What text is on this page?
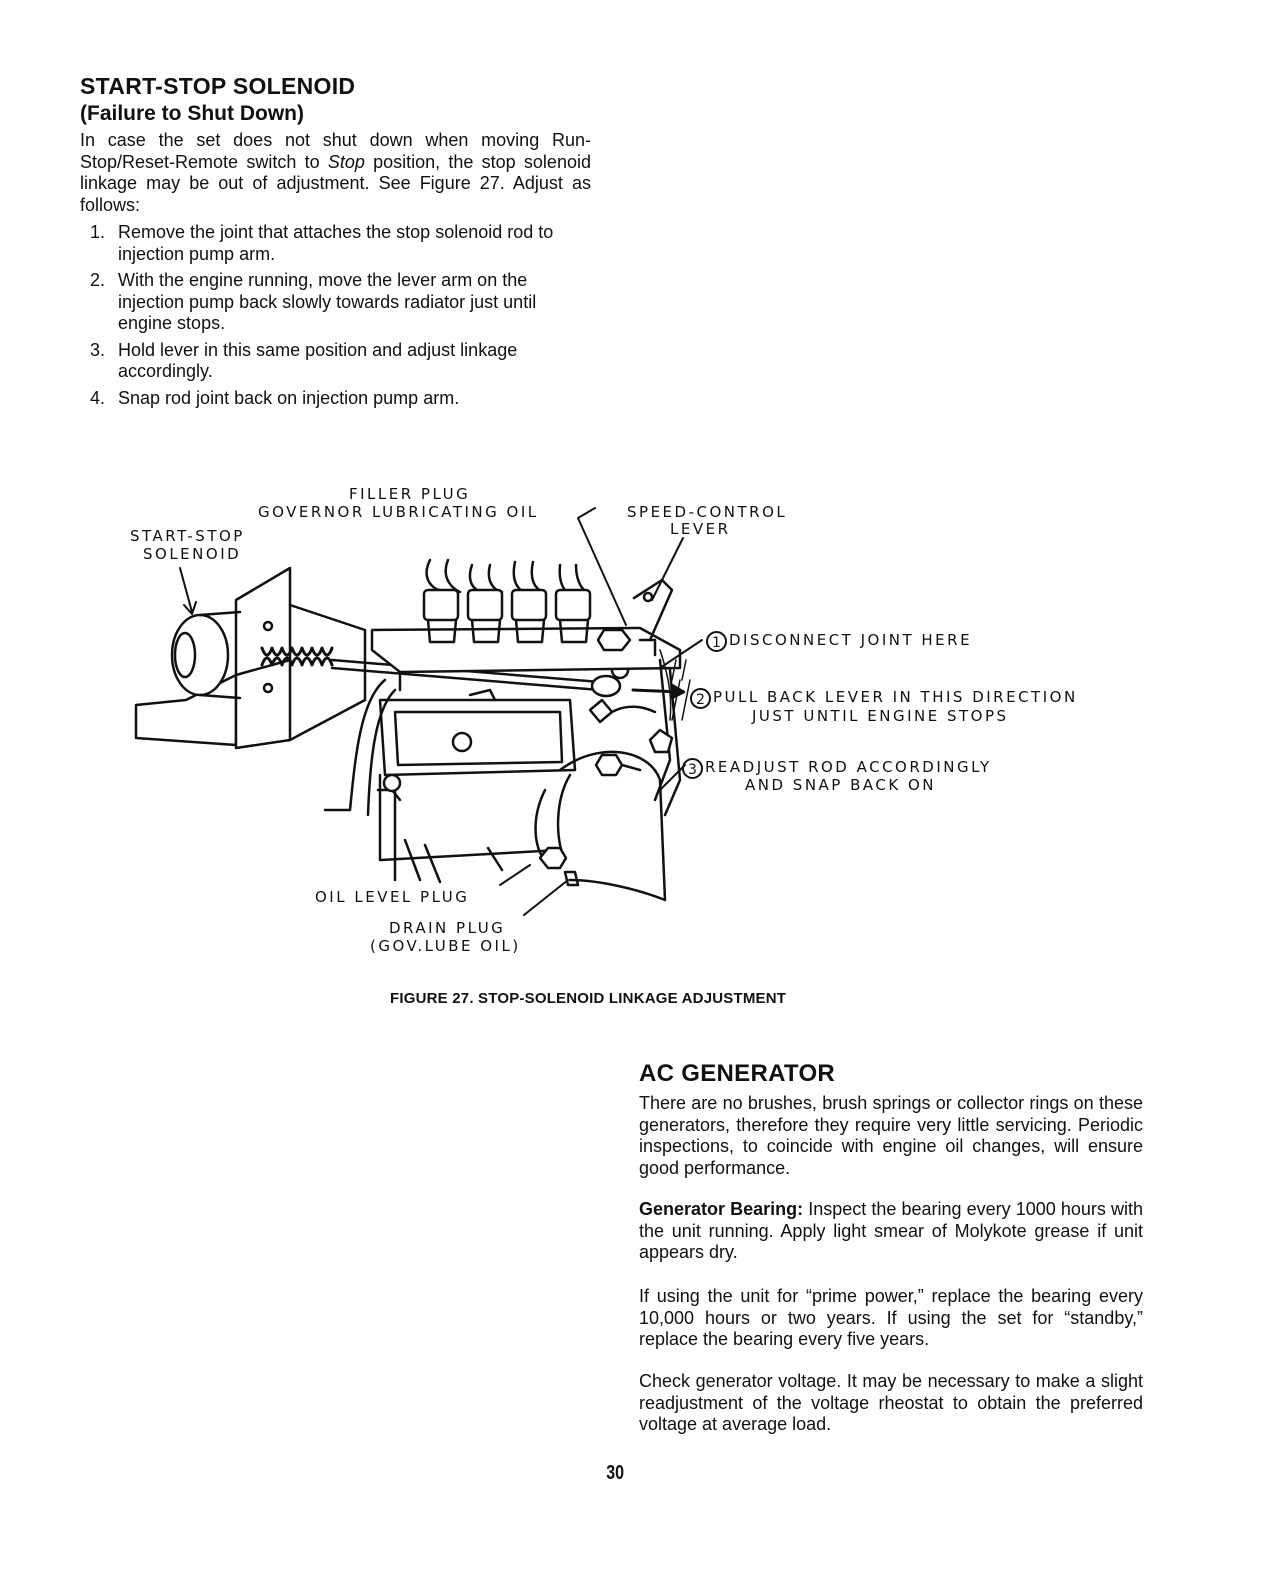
START-STOP SOLENOID
(Failure to Shut Down)
In case the set does not shut down when moving Run-Stop/Reset-Remote switch to Stop position, the stop solenoid linkage may be out of adjustment. See Figure 27. Adjust as follows:
1. Remove the joint that attaches the stop solenoid rod to injection pump arm.
2. With the engine running, move the lever arm on the injection pump back slowly towards radiator just until engine stops.
3. Hold lever in this same position and adjust linkage accordingly.
4. Snap rod joint back on injection pump arm.
FILLER PLUG
GOVERNOR LUBRICATING OIL	SPEED-CONTROL
LEVER
START-STOP
SOLENOID
1 DISCONNECT JOINT HERE
2 PULL BACK LEVER IN THIS DIRECTION
JUST UNTIL ENGINE STOPS
3 READJUST ROD ACCORDINGLY
AND SNAP BACK ON
OIL LEVEL PLUG
DRAIN PLUG
(GOV.LUBE OIL)
FIGURE 27. STOP-SOLENOID LINKAGE ADJUSTMENT
AC GENERATOR
There are no brushes, brush springs or collector rings on these generators, therefore they require very little servicing. Periodic inspections, to coincide with engine oil changes, will ensure good performance.
Generator Bearing: Inspect the bearing every 1000 hours with the unit running. Apply light smear of Molykote grease if unit appears dry.
If using the unit for “prime power,” replace the bearing every 10,000 hours or two years. If using the set for “standby,” replace the bearing every five years.
Check generator voltage. It may be necessary to make a slight readjustment of the voltage rheostat to obtain the preferred voltage at average load.
30
